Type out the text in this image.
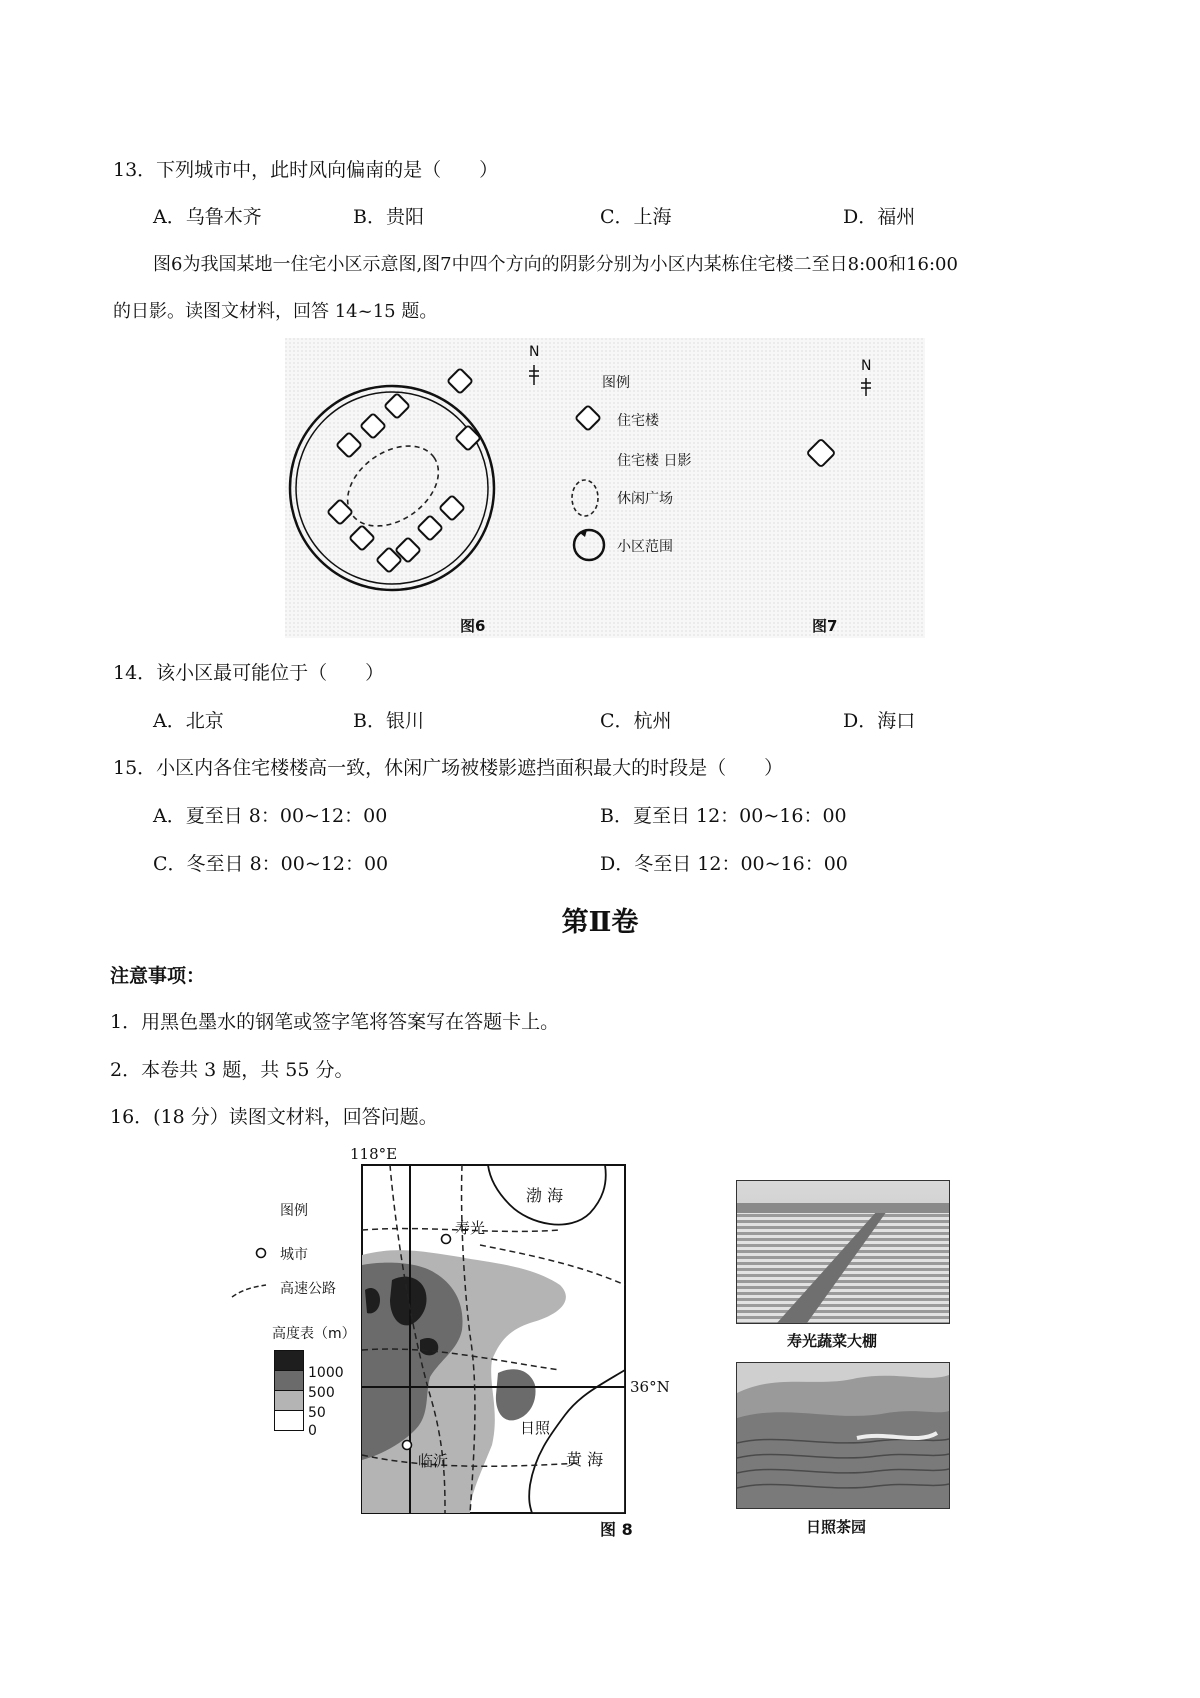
13．下列城市中，此时风向偏南的是（　　）
A．乌鲁木齐	B．贵阳	C．上海	D．福州
图6为我国某地一住宅小区示意图,图7中四个方向的阴影分别为小区内某栋住宅楼二至日8:00和16:00
的日影。读图文材料，回答 14~15 题。
N
图例
住宅楼
住宅楼 日影
休闲广场
小区范围
图6
N
图7
14．该小区最可能位于（　　）
A．北京	B．银川	C．杭州	D．海口
15．小区内各住宅楼楼高一致，休闲广场被楼影遮挡面积最大的时段是（　　）
A．夏至日 8：00~12：00	B．夏至日 12：00~16：00
C．冬至日 8：00~12：00	D．冬至日 12：00~16：00
第Ⅱ卷
注意事项：
1．用黑色墨水的钢笔或签字笔将答案写在答题卡上。
2．本卷共 3 题，共 55 分。
16．(18 分）读图文材料，回答问题。
118°E
36°N
渤 海
黄 海
寿光
日照
临沂
图例
城市
高速公路
高度表（m）
1000
500
50
0
图 8
寿光蔬菜大棚
日照茶园
